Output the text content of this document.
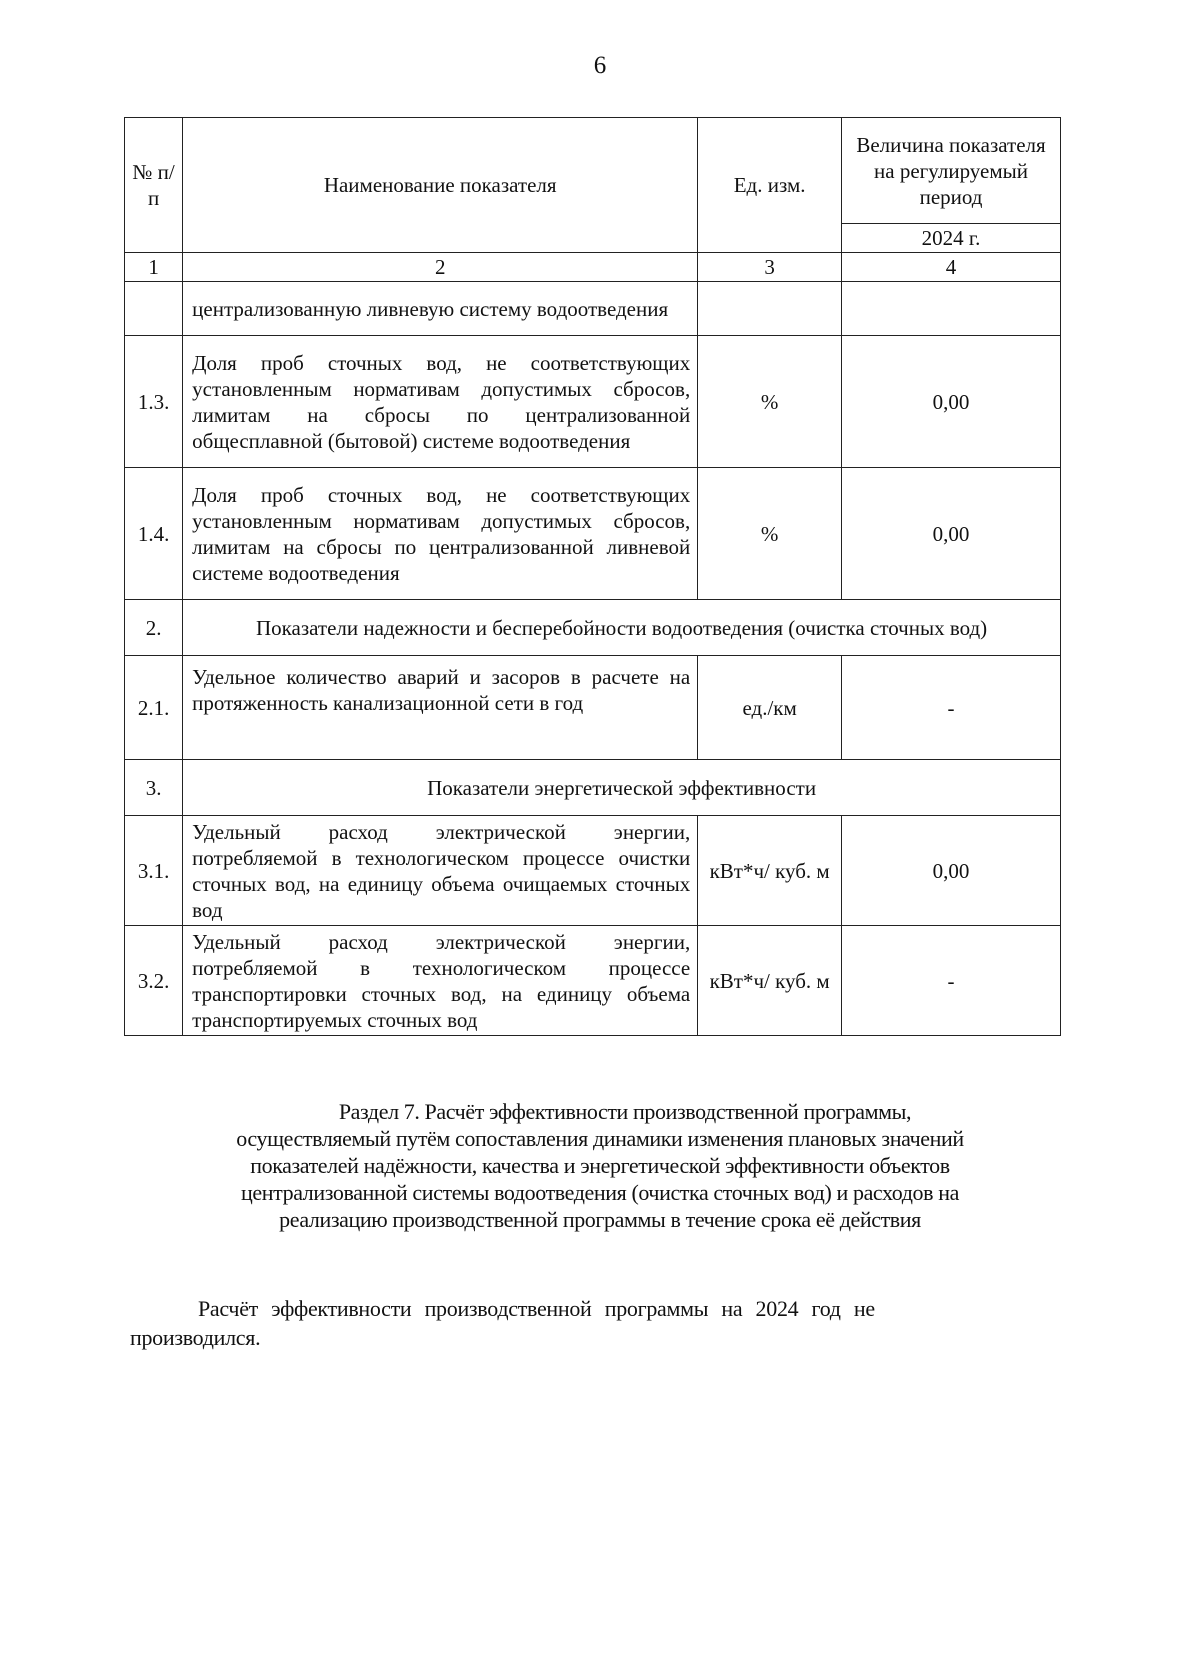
6
№ п/п	Наименование показателя	Ед. изм.	Величина показателя на регулируемый период
			2024 г.
1	2	3	4
	централизованную ливневую систему водоотведения		
1.3.	Доля проб сточных вод, не соответствующих установленным нормативам допустимых сбросов, лимитам на сбросы по централизованной общесплавной (бытовой) системе водоотведения	%	0,00
1.4.	Доля проб сточных вод, не соответствующих установленным нормативам допустимых сбросов, лимитам на сбросы по централизованной ливневой системе водоотведения	%	0,00
2.	Показатели надежности и бесперебойности водоотведения (очистка сточных вод)		
2.1.	Удельное количество аварий и засоров в расчете на протяженность канализационной сети в год	ед./км	-
3.	Показатели энергетической эффективности		
3.1.	Удельный расход электрической энергии, потребляемой в технологическом процессе очистки сточных вод, на единицу объема очищаемых сточных вод	кВт*ч/ куб. м	0,00
3.2.	Удельный расход электрической энергии, потребляемой в технологическом процессе транспортировки сточных вод, на единицу объема транспортируемых сточных вод	кВт*ч/ куб. м	-
Раздел 7. Расчёт эффективности производственной программы,
осуществляемый путём сопоставления динамики изменения плановых значений
показателей надёжности, качества и энергетической эффективности объектов
централизованной системы водоотведения (очистка сточных вод) и расходов на
реализацию производственной программы в течение срока её действия
Расчёт эффективности производственной программы на 2024 год не
производился.
